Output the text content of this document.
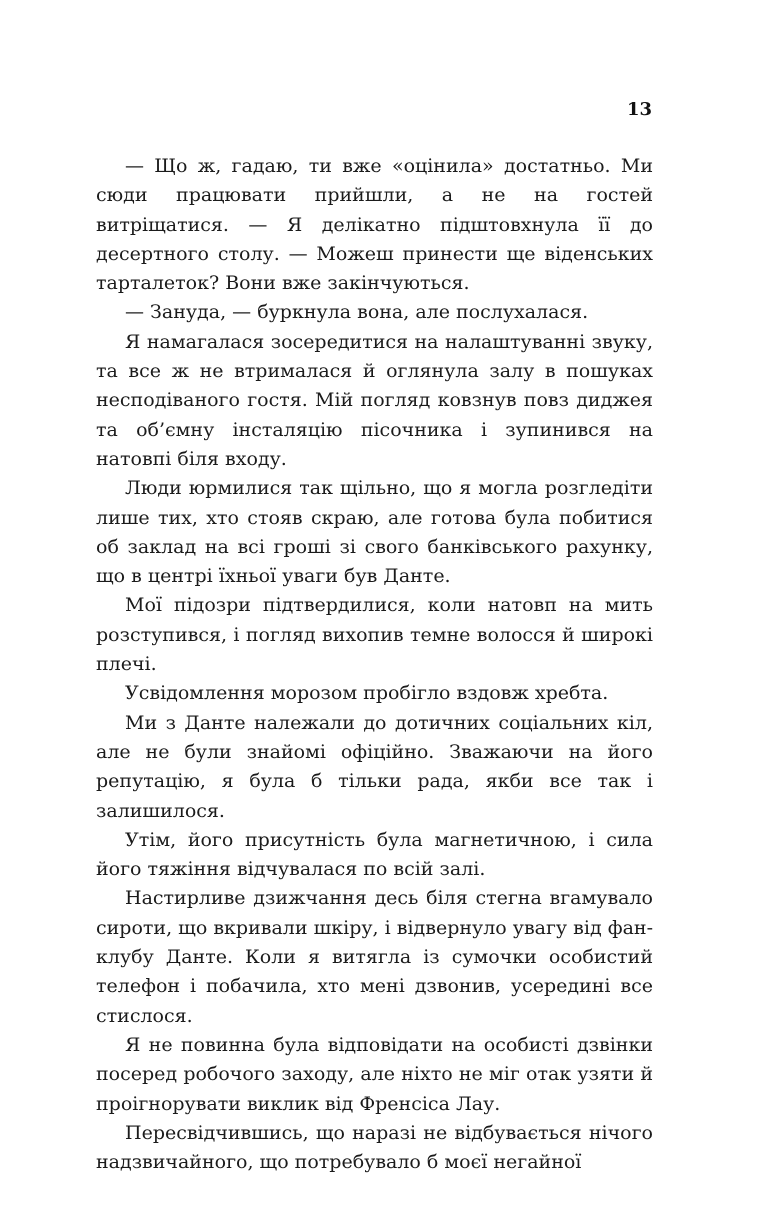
13

— Що ж, гадаю, ти вже «оцінила» достатньо. Ми сюди працювати прийшли, а не на гостей витріщатися. — Я делікатно підштовхнула її до десертного столу. — Можеш принести ще віденських тарталеток? Вони вже закінчуються.

— Зануда, — буркнула вона, але послухалася.

Я намагалася зосередитися на налаштуванні звуку, та все ж не втрималася й оглянула залу в пошуках несподіваного гостя. Мій погляд ковзнув повз диджея та об’ємну інсталяцію пісочника і зупинився на натовпі біля входу.

Люди юрмилися так щільно, що я могла розгледіти лише тих, хто стояв скраю, але готова була побитися об заклад на всі гроші зі свого банківського рахунку, що в центрі їхньої уваги був Данте.

Мої підозри підтвердилися, коли натовп на мить розступився, і погляд вихопив темне волосся й широкі плечі.

Усвідомлення морозом пробігло вздовж хребта.

Ми з Данте належали до дотичних соціальних кіл, але не були знайомі офіційно. Зважаючи на його репутацію, я була б тільки рада, якби все так і залишилося.

Утім, його присутність була магнетичною, і сила його тяжіння відчувалася по всій залі.

Настирливе дзижчання десь біля стегна вгамувало сироти, що вкривали шкіру, і відвернуло увагу від фан-клубу Данте. Коли я витягла із сумочки особистий телефон і побачила, хто мені дзвонив, усередині все стислося.

Я не повинна була відповідати на особисті дзвінки посеред робочого заходу, але ніхто не міг отак узяти й проігнорувати виклик від Френсіса Лау.

Пересвідчившись, що наразі не відбувається нічого надзвичайного, що потребувало б моєї негайної
